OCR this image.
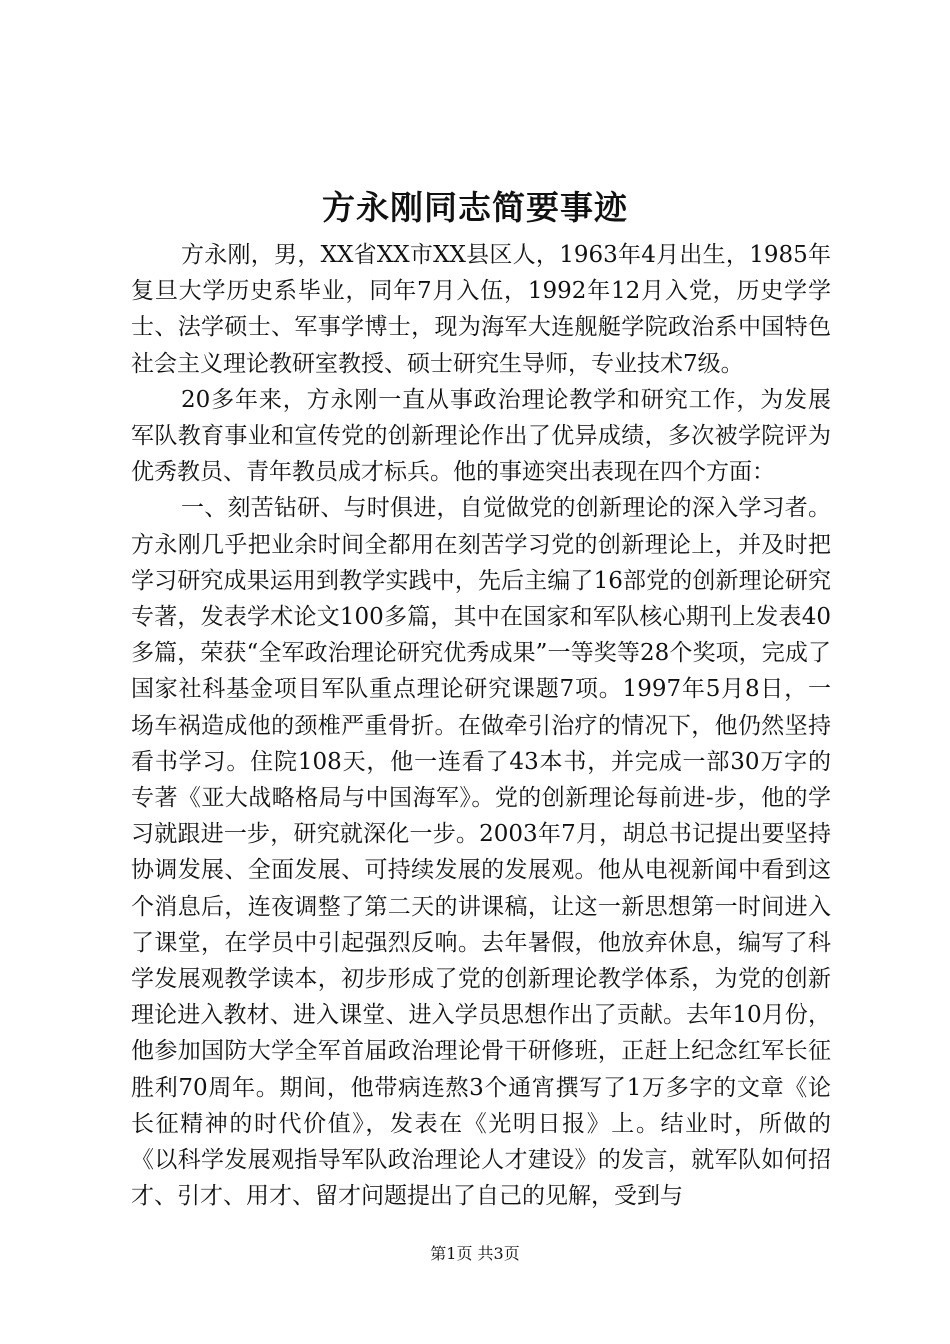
方永刚同志简要事迹

方永刚，男，XX省XX市XX县区人，1963年4月出生，1985年复旦大学历史系毕业，同年7月入伍，1992年12月入党，历史学学士、法学硕士、军事学博士，现为海军大连舰艇学院政治系中国特色社会主义理论教研室教授、硕士研究生导师，专业技术7级。

20多年来，方永刚一直从事政治理论教学和研究工作，为发展军队教育事业和宣传党的创新理论作出了优异成绩，多次被学院评为优秀教员、青年教员成才标兵。他的事迹突出表现在四个方面：

一、刻苦钻研、与时俱进，自觉做党的创新理论的深入学习者。方永刚几乎把业余时间全都用在刻苦学习党的创新理论上，并及时把学习研究成果运用到教学实践中，先后主编了16部党的创新理论研究专著，发表学术论文100多篇，其中在国家和军队核心期刊上发表40多篇，荣获“全军政治理论研究优秀成果”一等奖等28个奖项，完成了国家社科基金项目军队重点理论研究课题7项。1997年5月8日，一场车祸造成他的颈椎严重骨折。在做牵引治疗的情况下，他仍然坚持看书学习。住院108天，他一连看了43本书，并完成一部30万字的专著《亚大战略格局与中国海军》。党的创新理论每前进-步，他的学习就跟进一步，研究就深化一步。2003年7月，胡总书记提出要坚持协调发展、全面发展、可持续发展的发展观。他从电视新闻中看到这个消息后，连夜调整了第二天的讲课稿，让这一新思想第一时间进入了课堂，在学员中引起强烈反响。去年暑假，他放弃休息，编写了科学发展观教学读本，初步形成了党的创新理论教学体系，为党的创新理论进入教材、进入课堂、进入学员思想作出了贡献。去年10月份，他参加国防大学全军首届政治理论骨干研修班，正赶上纪念红军长征胜利70周年。期间，他带病连熬3个通宵撰写了1万多字的文章《论长征精神的时代价值》，发表在《光明日报》上。结业时，所做的《以科学发展观指导军队政治理论人才建设》的发言，就军队如何招才、引才、用才、留才问题提出了自己的见解，受到与

第1页 共3页
